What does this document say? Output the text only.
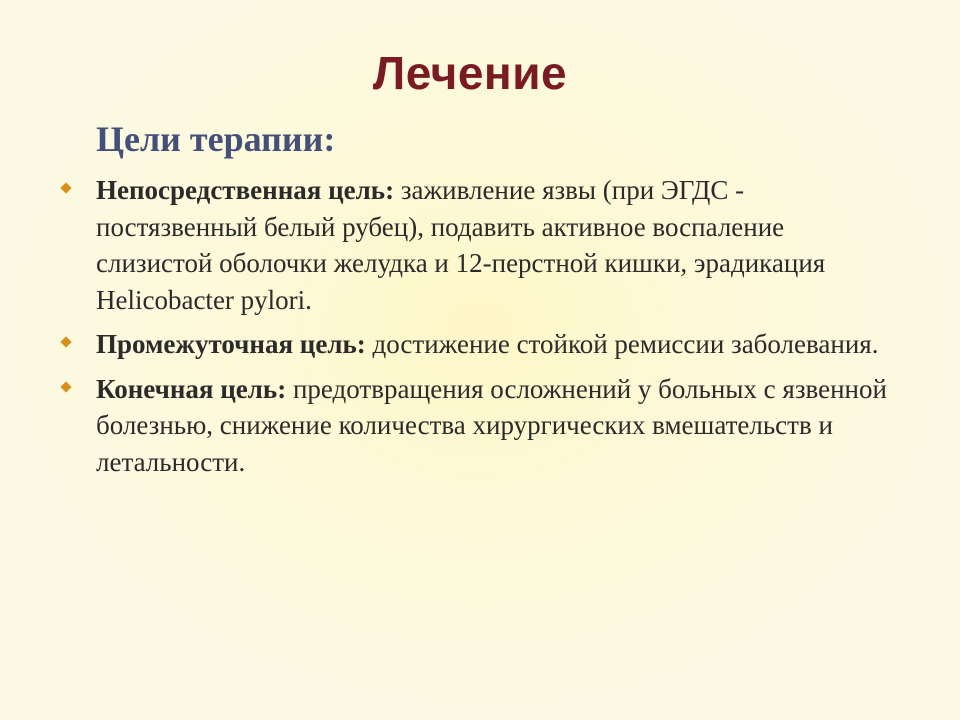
Лечение
Цели терапии:
Непосредственная цель: заживление язвы (при ЭГДС - постязвенный белый рубец), подавить активное воспаление слизистой оболочки желудка и 12-перстной кишки, эрадикация Helicobacter pylori.
Промежуточная цель: достижение стойкой ремиссии заболевания.
Конечная цель: предотвращения осложнений у больных с язвенной болезнью, снижение количества хирургических вмешательств и летальности.
